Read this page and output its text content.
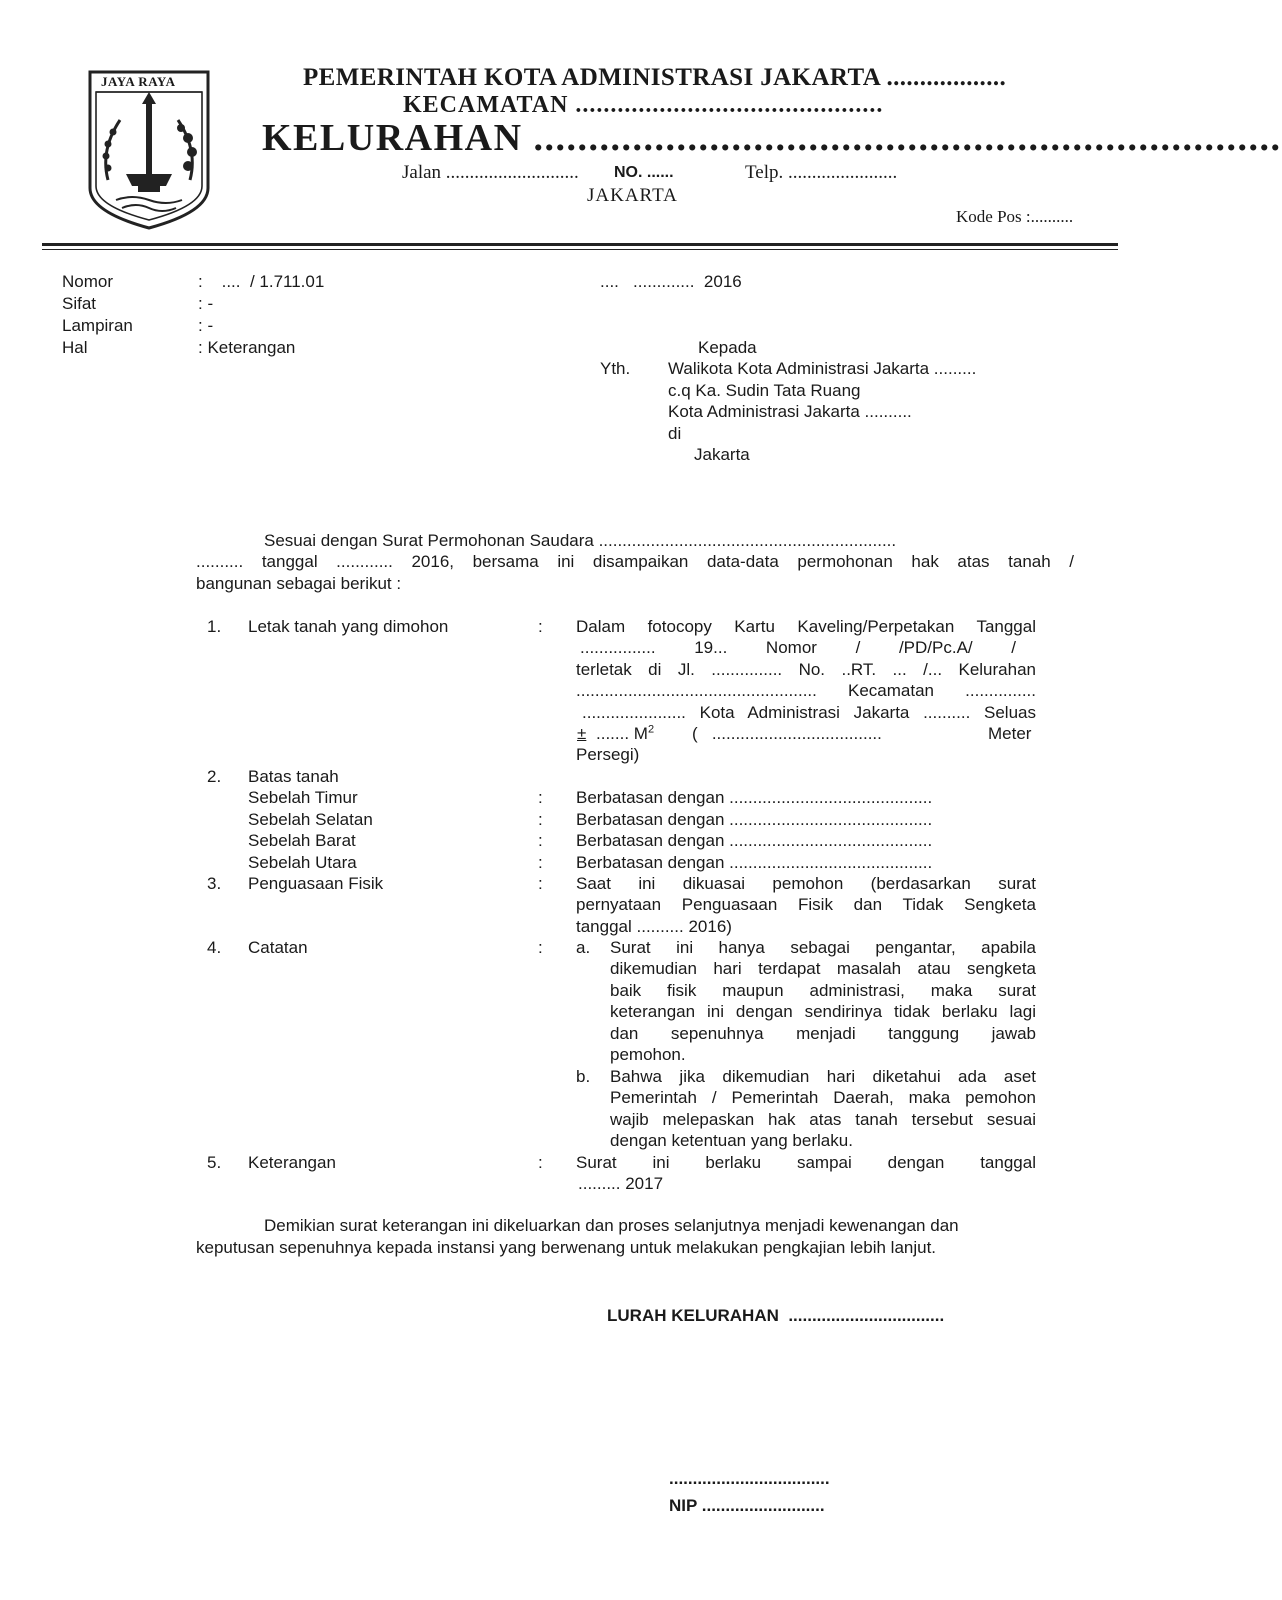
JAYA RAYA	PEMERINTAH KOTA ADMINISTRASI JAKARTA ..................
KECAMATAN ............................................
KELURAHAN ....................................................................
Jalan ............................ NO. ......	Telp. .......................
JAKARTA
Kode Pos :..........
Nomor	:    ....  / 1.711.01
Sifat	: -
Lampiran	: -
Hal	: Keterangan
....   .............  2016
Kepada
Yth. Walikota Kota Administrasi Jakarta .........
c.q Ka. Sudin Tata Ruang
Kota Administrasi Jakarta ..........
di
Jakarta
Sesuai dengan Surat Permohonan Saudara ...............................................................
.......... tanggal ............ 2016, bersama ini disampaikan data-data permohonan hak atas tanah /
bangunan sebagai berikut :
1. Letak tanah yang dimohon	: Dalam fotocopy Kartu Kaveling/Perpetakan Tanggal
................ 19... Nomor / /PD/Pc.A/ /
terletak di Jl. ............... No. ..RT. ... /... Kelurahan
................................................... Kecamatan ...............
...................... Kota Administrasi Jakarta .......... Seluas
± ....... $M^2$ (   ....................................	Meter
Persegi)
2. Batas tanah
Sebelah Timur	: Berbatasan dengan ...........................................
Sebelah Selatan	: Berbatasan dengan ...........................................
Sebelah Barat	: Berbatasan dengan ...........................................
Sebelah Utara	: Berbatasan dengan ...........................................
3. Penguasaan Fisik	: Saat ini dikuasai pemohon (berdasarkan surat
pernyataan Penguasaan Fisik dan Tidak Sengketa
tanggal .......... 2016)
4. Catatan	: a. Surat ini hanya sebagai pengantar, apabila
dikemudian hari terdapat masalah atau sengketa
baik fisik maupun administrasi, maka surat
keterangan ini dengan sendirinya tidak berlaku lagi
dan sepenuhnya menjadi tanggung jawab
pemohon.
b. Bahwa jika dikemudian hari diketahui ada aset
Pemerintah / Pemerintah Daerah, maka pemohon
wajib melepaskan hak atas tanah tersebut sesuai
dengan ketentuan yang berlaku.
5. Keterangan	: Surat ini berlaku sampai dengan tanggal
......... 2017
Demikian surat keterangan ini dikeluarkan dan proses selanjutnya menjadi kewenangan dan
keputusan sepenuhnya kepada instansi yang berwenang untuk melakukan pengkajian lebih lanjut.
LURAH KELURAHAN  .................................
..................................
NIP ..........................
